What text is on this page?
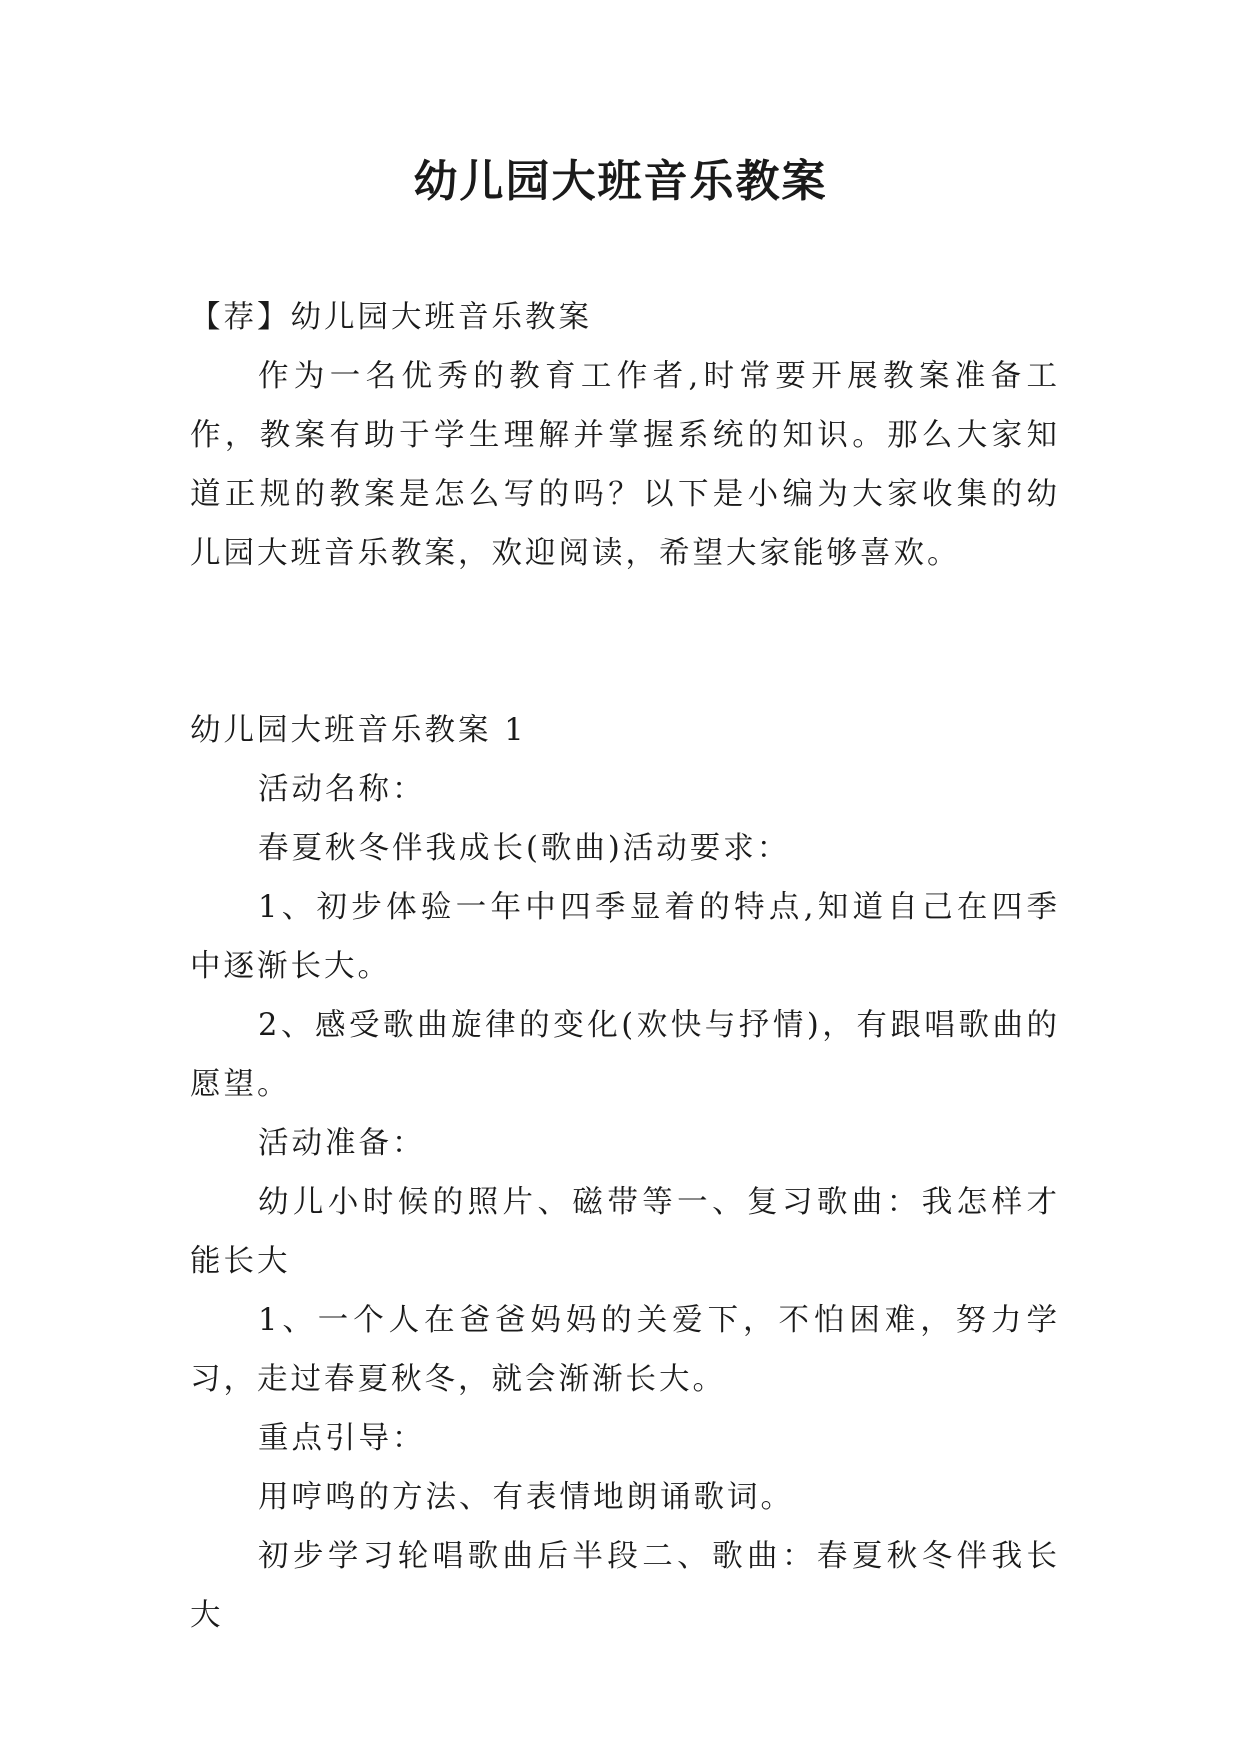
幼儿园大班音乐教案

【荐】幼儿园大班音乐教案

作为一名优秀的教育工作者,时常要开展教案准备工作，教案有助于学生理解并掌握系统的知识。那么大家知道正规的教案是怎么写的吗？以下是小编为大家收集的幼儿园大班音乐教案，欢迎阅读，希望大家能够喜欢。

幼儿园大班音乐教案 1

活动名称：

春夏秋冬伴我成长(歌曲)活动要求：

1、初步体验一年中四季显着的特点,知道自己在四季中逐渐长大。

2、感受歌曲旋律的变化(欢快与抒情)，有跟唱歌曲的愿望。

活动准备：

幼儿小时候的照片、磁带等一、复习歌曲：我怎样才能长大

1、一个人在爸爸妈妈的关爱下，不怕困难，努力学习，走过春夏秋冬，就会渐渐长大。

重点引导：

用哼鸣的方法、有表情地朗诵歌词。

初步学习轮唱歌曲后半段二、歌曲：春夏秋冬伴我长大
